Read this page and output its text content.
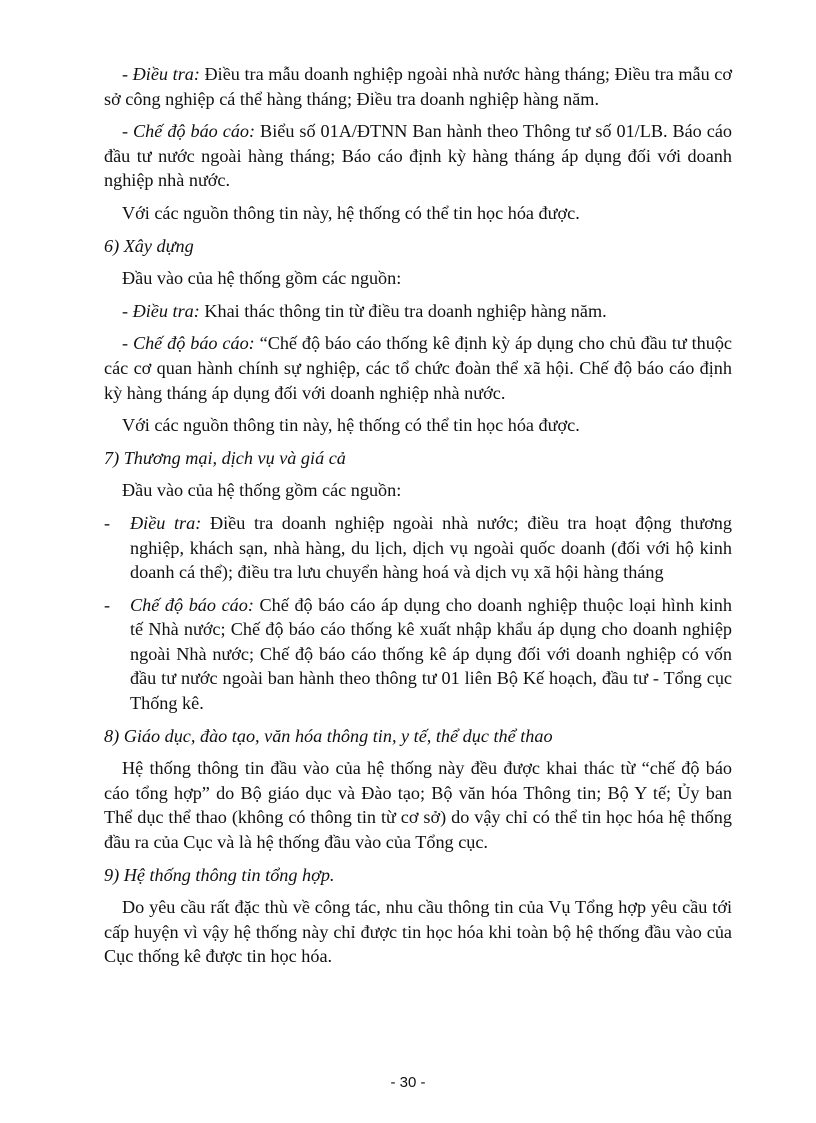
- Điều tra: Điều tra mẫu doanh nghiệp ngoài nhà nước hàng tháng; Điều tra mẫu cơ sở công nghiệp cá thể hàng tháng; Điều tra doanh nghiệp hàng năm.

- Chế độ báo cáo: Biểu số 01A/ĐTNN Ban hành theo Thông tư số 01/LB. Báo cáo đầu tư nước ngoài hàng tháng; Báo cáo định kỳ hàng tháng áp dụng đối với doanh nghiệp nhà nước.

Với các nguồn thông tin này, hệ thống có thể tin học hóa được.

6) Xây dựng

Đầu vào của hệ thống gồm các nguồn:

- Điều tra: Khai thác thông tin từ điều tra doanh nghiệp hàng năm.

- Chế độ báo cáo: “Chế độ báo cáo thống kê định kỳ áp dụng cho chủ đầu tư thuộc các cơ quan hành chính sự nghiệp, các tổ chức đoàn thể xã hội. Chế độ báo cáo định kỳ hàng tháng áp dụng đối với doanh nghiệp nhà nước.

Với các nguồn thông tin này, hệ thống có thể tin học hóa được.

7) Thương mại, dịch vụ và giá cả

Đầu vào của hệ thống gồm các nguồn:

- Điều tra: Điều tra doanh nghiệp ngoài nhà nước; điều tra hoạt động thương nghiệp, khách sạn, nhà hàng, du lịch, dịch vụ ngoài quốc doanh (đối với hộ kinh doanh cá thể); điều tra lưu chuyển hàng hoá và dịch vụ xã hội hàng tháng
- Chế độ báo cáo: Chế độ báo cáo áp dụng cho doanh nghiệp thuộc loại hình kinh tế Nhà nước; Chế độ báo cáo thống kê xuất nhập khẩu áp dụng cho doanh nghiệp ngoài Nhà nước; Chế độ báo cáo thống kê áp dụng đối với doanh nghiệp có vốn đầu tư nước ngoài ban hành theo thông tư 01 liên Bộ Kế hoạch, đầu tư - Tổng cục Thống kê.

8) Giáo dục, đào tạo, văn hóa thông tin, y tế, thể dục thể thao

Hệ thống thông tin đầu vào của hệ thống này đều được khai thác từ “chế độ báo cáo tổng hợp” do Bộ giáo dục và Đào tạo; Bộ văn hóa Thông tin; Bộ Y tế; Ủy ban Thể dục thể thao (không có thông tin từ cơ sở) do vậy chỉ có thể tin học hóa hệ thống đầu ra của Cục và là hệ thống đầu vào của Tổng cục.

9) Hệ thống thông tin tổng hợp.

Do yêu cầu rất đặc thù về công tác, nhu cầu thông tin của Vụ Tổng hợp yêu cầu tới cấp huyện vì vậy hệ thống này chỉ được tin học hóa khi toàn bộ hệ thống đầu vào của Cục thống kê được tin học hóa.

- 30 -
